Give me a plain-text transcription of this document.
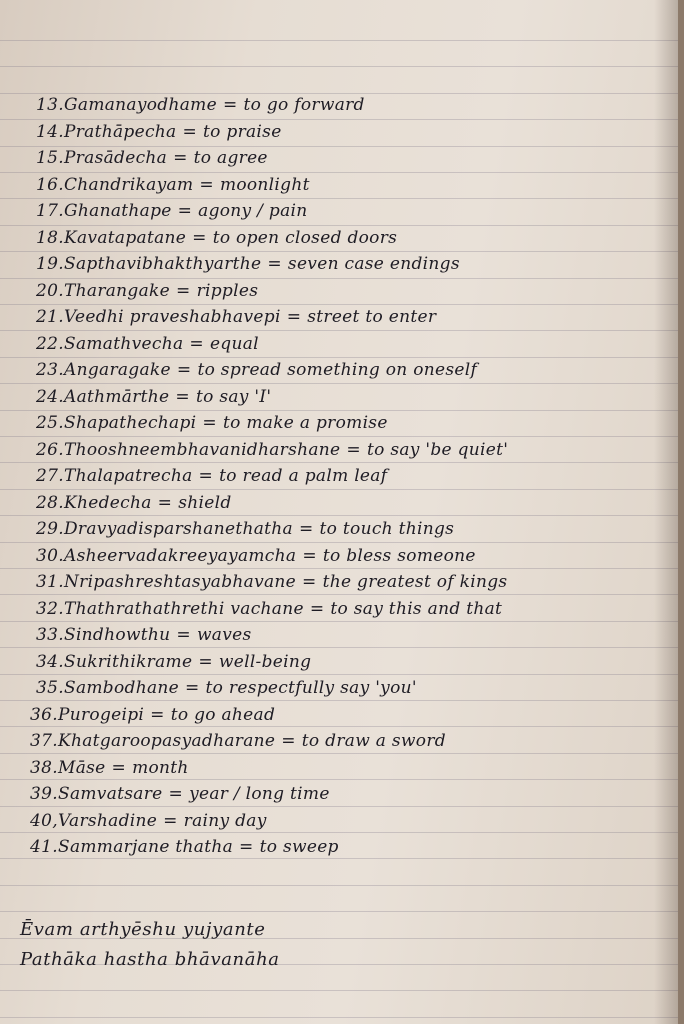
13.Gamanayodhame = to go forward
14.Prathāpecha = to praise
15.Prasādecha = to agree
16.Chandrikayam = moonlight
17.Ghanathape = agony / pain
18.Kavatapatane = to open closed doors
19.Sapthavibhakthyarthe = seven case endings
20.Tharangake = ripples
21.Veedhi praveshabhavepi = street to enter
22.Samathvecha = equal
23.Angaragake = to spread something on oneself
24.Aathmārthe = to say 'I'
25.Shapathechapi = to make a promise
26.Thooshneembhavanidharshane = to say 'be quiet'
27.Thalapatrecha = to read a palm leaf
28.Khedecha = shield
29.Dravyadisparshanethatha = to touch things
30.Asheervadakreeyayamcha = to bless someone
31.Nripashreshtasyabhavane = the greatest of kings
32.Thathrathathrethi vachane = to say this and that
33.Sindhowthu = waves
34.Sukrithikrame = well-being
35.Sambodhane = to respectfully say 'you'
36.Purogeipi = to go ahead
37.Khatgaroopasyadharane = to draw a sword
38.Māse = month
39.Samvatsare = year / long time
40,Varshadine = rainy day
41.Sammarjane thatha = to sweep
Ēvam arthyēshu yujyante
Pathāka hastha bhāvanāha
